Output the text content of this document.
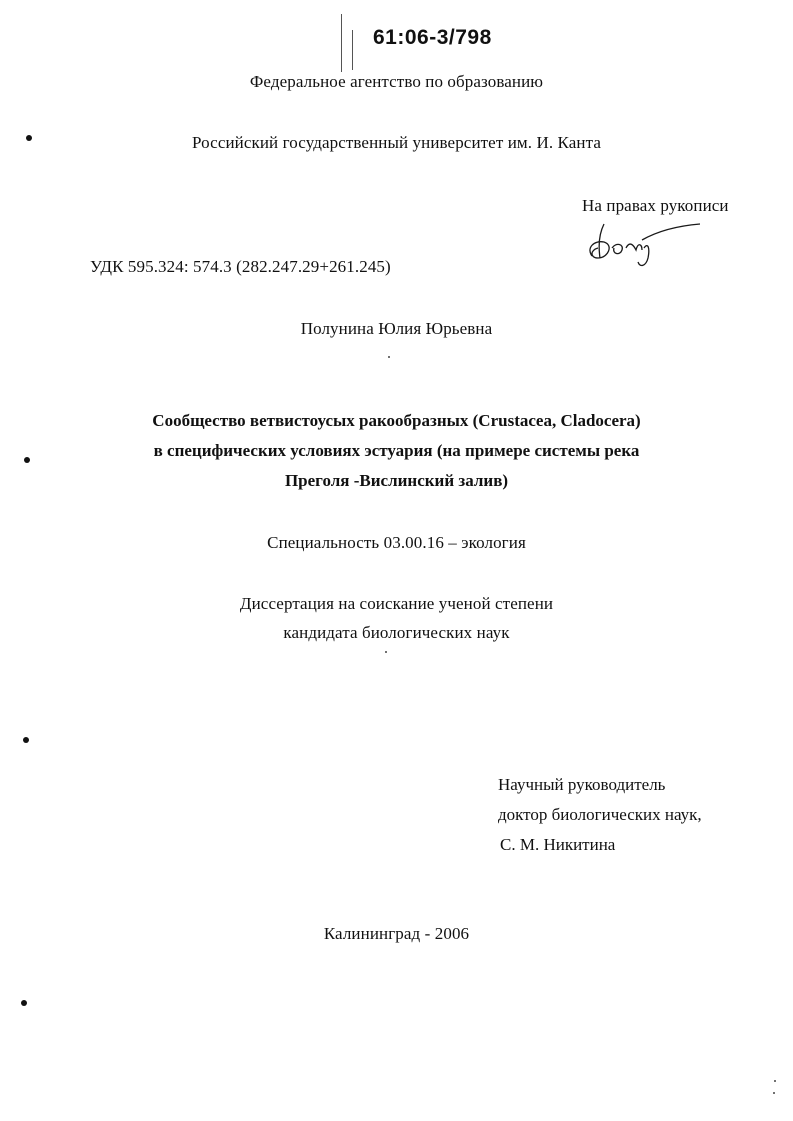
61:06-3/798
Федеральное агентство по образованию
Российский государственный университет им. И. Канта
На правах рукописи
УДК 595.324: 574.3 (282.247.29+261.245)
Полунина Юлия Юрьевна
Сообщество ветвистоусых ракообразных (Crustacea, Cladocera)
в специфических условиях эстуария (на примере системы река
Преголя -Вислинский залив)
Специальность 03.00.16 – экология
Диссертация на соискание ученой степени
кандидата биологических наук
Научный руководитель
доктор биологических наук,
С. М. Никитина
Калининград - 2006
